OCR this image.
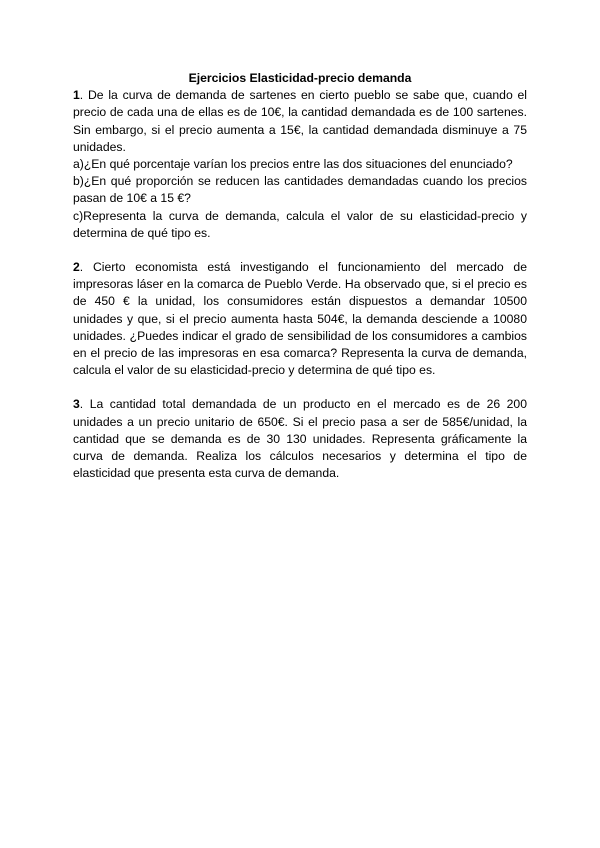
Ejercicios Elasticidad-precio demanda

1. De la curva de demanda de sartenes en cierto pueblo se sabe que, cuando el precio de cada una de ellas es de 10€, la cantidad demandada es de 100 sartenes. Sin embargo, si el precio aumenta a 15€, la cantidad demandada disminuye a 75 unidades.

a)¿En qué porcentaje varían los precios entre las dos situaciones del enunciado?

b)¿En qué proporción se reducen las cantidades demandadas cuando los precios pasan de 10€ a 15 €?

c)Representa la curva de demanda, calcula el valor de su elasticidad-precio y determina de qué tipo es.

2. Cierto economista está investigando el funcionamiento del mercado de impresoras láser en la comarca de Pueblo Verde. Ha observado que, si el precio es de 450 € la unidad, los consumidores están dispuestos a demandar 10500 unidades y que, si el precio aumenta hasta 504€, la demanda desciende a 10080 unidades. ¿Puedes indicar el grado de sensibilidad de los consumidores a cambios en el precio de las impresoras en esa comarca? Representa la curva de demanda, calcula el valor de su elasticidad-precio y determina de qué tipo es.

3. La cantidad total demandada de un producto en el mercado es de 26 200 unidades a un precio unitario de 650€. Si el precio pasa a ser de 585€/unidad, la cantidad que se demanda es de 30 130 unidades. Representa gráficamente la curva de demanda. Realiza los cálculos necesarios y determina el tipo de elasticidad que presenta esta curva de demanda.
